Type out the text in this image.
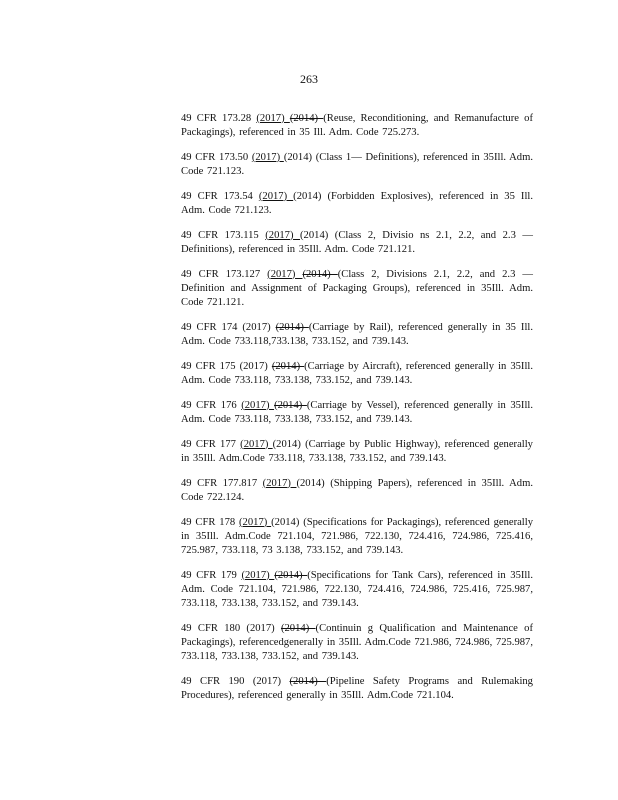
263

49 CFR 173.28 (2017) (2014) (Reuse, Reconditioning, and Remanufacture of Packagings), referenced in 35 Ill. Adm. Code 725.273.

49 CFR 173.50 (2017) (2014) (Class 1— Definitions), referenced in 35Ill. Adm. Code 721.123.

49 CFR 173.54 (2017) (2014) (Forbidden Explosives), referenced in 35 Ill. Adm. Code 721.123.

49 CFR 173.115 (2017) (2014) (Class 2, Divisio ns 2.1, 2.2, and 2.3 — Definitions), referenced in 35Ill. Adm. Code 721.121.

49 CFR 173.127 (2017) (2014) (Class 2, Divisions 2.1, 2.2, and 2.3 — Definition and Assignment of Packaging Groups), referenced in 35Ill. Adm. Code 721.121.

49 CFR 174 (2017) (2014) (Carriage by Rail), referenced generally in 35 Ill. Adm. Code 733.118,733.138, 733.152, and 739.143.

49 CFR 175 (2017) (2014) (Carriage by Aircraft), referenced generally in 35Ill. Adm. Code 733.118, 733.138, 733.152, and 739.143.

49 CFR 176 (2017) (2014) (Carriage by Vessel), referenced generally in 35Ill. Adm. Code 733.118, 733.138, 733.152, and 739.143.

49 CFR 177 (2017) (2014) (Carriage by Public Highway), referenced generally in 35Ill. Adm.Code 733.118, 733.138, 733.152, and 739.143.

49 CFR 177.817 (2017) (2014) (Shipping Papers), referenced in 35Ill. Adm. Code 722.124.

49 CFR 178 (2017) (2014) (Specifications for Packagings), referenced generally in 35Ill. Adm.Code 721.104, 721.986, 722.130, 724.416, 724.986, 725.416, 725.987, 733.118, 73 3.138, 733.152, and 739.143.

49 CFR 179 (2017) (2014) (Specifications for Tank Cars), referenced in 35Ill. Adm. Code 721.104, 721.986, 722.130, 724.416, 724.986, 725.416, 725.987, 733.118, 733.138, 733.152, and 739.143.

49 CFR 180 (2017) (2014) (Continuin g Qualification and Maintenance of Packagings), referencedgenerally in 35Ill. Adm.Code 721.986, 724.986, 725.987, 733.118, 733.138, 733.152, and 739.143.

49 CFR 190 (2017) (2014) (Pipeline Safety Programs and Rulemaking Procedures), referenced generally in 35Ill. Adm.Code 721.104.
